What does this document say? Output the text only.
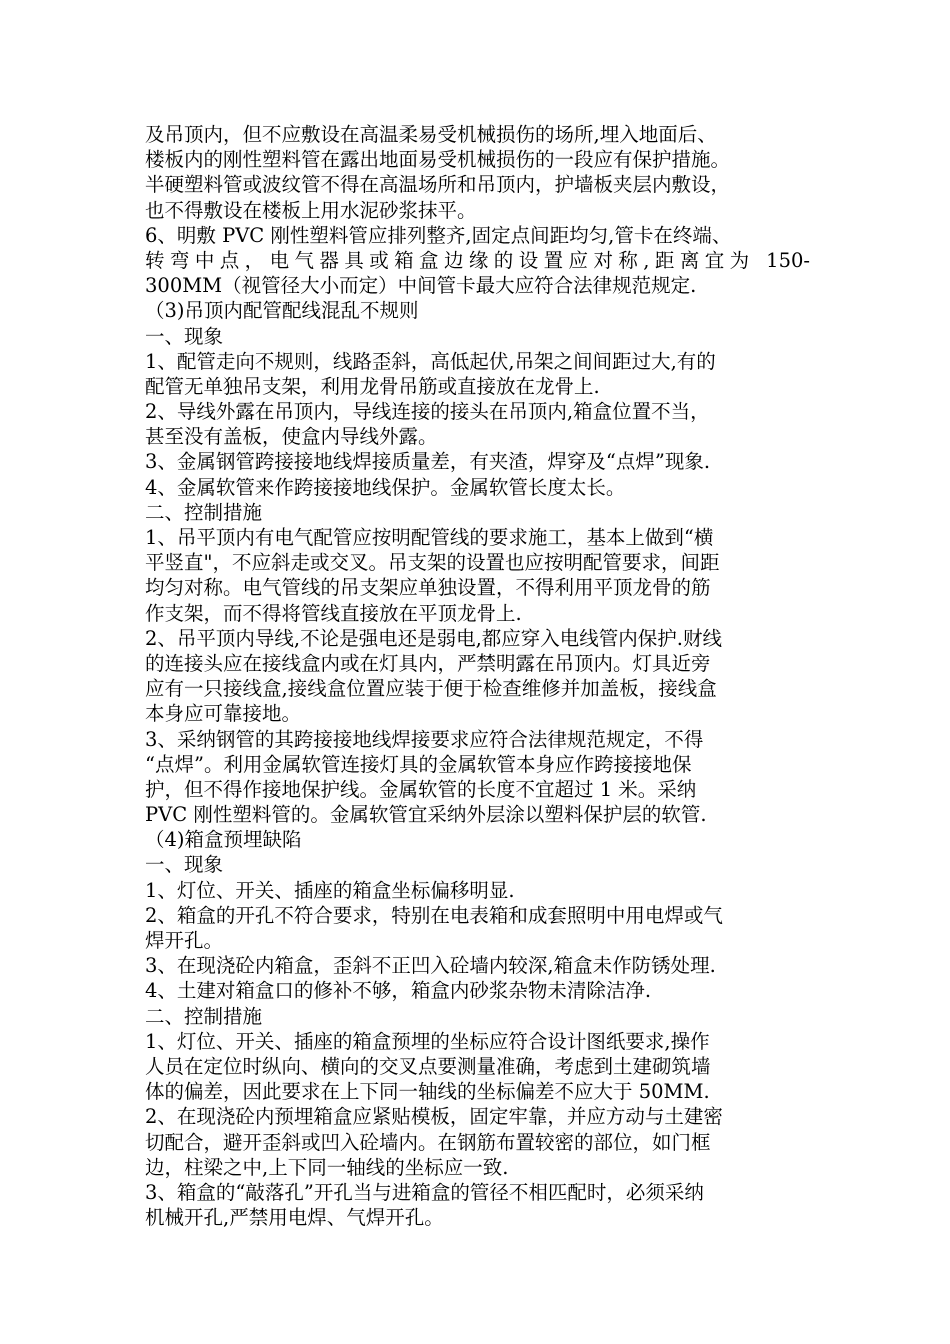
及吊顶内，但不应敷设在高温柔易受机械损伤的场所,埋入地面后、
楼板内的刚性塑料管在露出地面易受机械损伤的一段应有保护措施。
半硬塑料管或波纹管不得在高温场所和吊顶内，护墙板夹层内敷设，
也不得敷设在楼板上用水泥砂浆抹平。
6、明敷 PVC 刚性塑料管应排列整齐,固定点间距均匀,管卡在终端、
转弯中点，电气器具或箱盒边缘的设置应对称,距离宜为 150-
300MM（视管径大小而定）中间管卡最大应符合法律规范规定.
（3)吊顶内配管配线混乱不规则
一、现象
1、配管走向不规则，线路歪斜，高低起伏,吊架之间间距过大,有的
配管无单独吊支架，利用龙骨吊筋或直接放在龙骨上.
2、导线外露在吊顶内，导线连接的接头在吊顶内,箱盒位置不当，
甚至没有盖板，使盒内导线外露。
3、金属钢管跨接接地线焊接质量差，有夹渣，焊穿及“点焊”现象.
4、金属软管来作跨接接地线保护。金属软管长度太长。
二、控制措施
1、吊平顶内有电气配管应按明配管线的要求施工，基本上做到“横
平竖直"，不应斜走或交叉。吊支架的设置也应按明配管要求，间距
均匀对称。电气管线的吊支架应单独设置，不得利用平顶龙骨的筋
作支架，而不得将管线直接放在平顶龙骨上.
2、吊平顶内导线,不论是强电还是弱电,都应穿入电线管内保护.财线
的连接头应在接线盒内或在灯具内，严禁明露在吊顶内。灯具近旁
应有一只接线盒,接线盒位置应装于便于检查维修并加盖板，接线盒
本身应可靠接地。
3、采纳钢管的其跨接接地线焊接要求应符合法律规范规定，不得
“点焊”。利用金属软管连接灯具的金属软管本身应作跨接接地保
护，但不得作接地保护线。金属软管的长度不宜超过 1 米。采纳
PVC 刚性塑料管的。金属软管宜采纳外层涂以塑料保护层的软管.
（4)箱盒预埋缺陷
一、现象
1、灯位、开关、插座的箱盒坐标偏移明显.
2、箱盒的开孔不符合要求，特别在电表箱和成套照明中用电焊或气
焊开孔。
3、在现浇砼内箱盒，歪斜不正凹入砼墙内较深,箱盒未作防锈处理.
4、土建对箱盒口的修补不够，箱盒内砂浆杂物未清除洁净.
二、控制措施
1、灯位、开关、插座的箱盒预埋的坐标应符合设计图纸要求,操作
人员在定位时纵向、横向的交叉点要测量准确，考虑到土建砌筑墙
体的偏差，因此要求在上下同一轴线的坐标偏差不应大于 50MM.
2、在现浇砼内预埋箱盒应紧贴模板，固定牢靠，并应方动与土建密
切配合，避开歪斜或凹入砼墙内。在钢筋布置较密的部位，如门框
边，柱梁之中,上下同一轴线的坐标应一致.
3、箱盒的“敲落孔”开孔当与进箱盒的管径不相匹配时，必须采纳
机械开孔,严禁用电焊、气焊开孔。
